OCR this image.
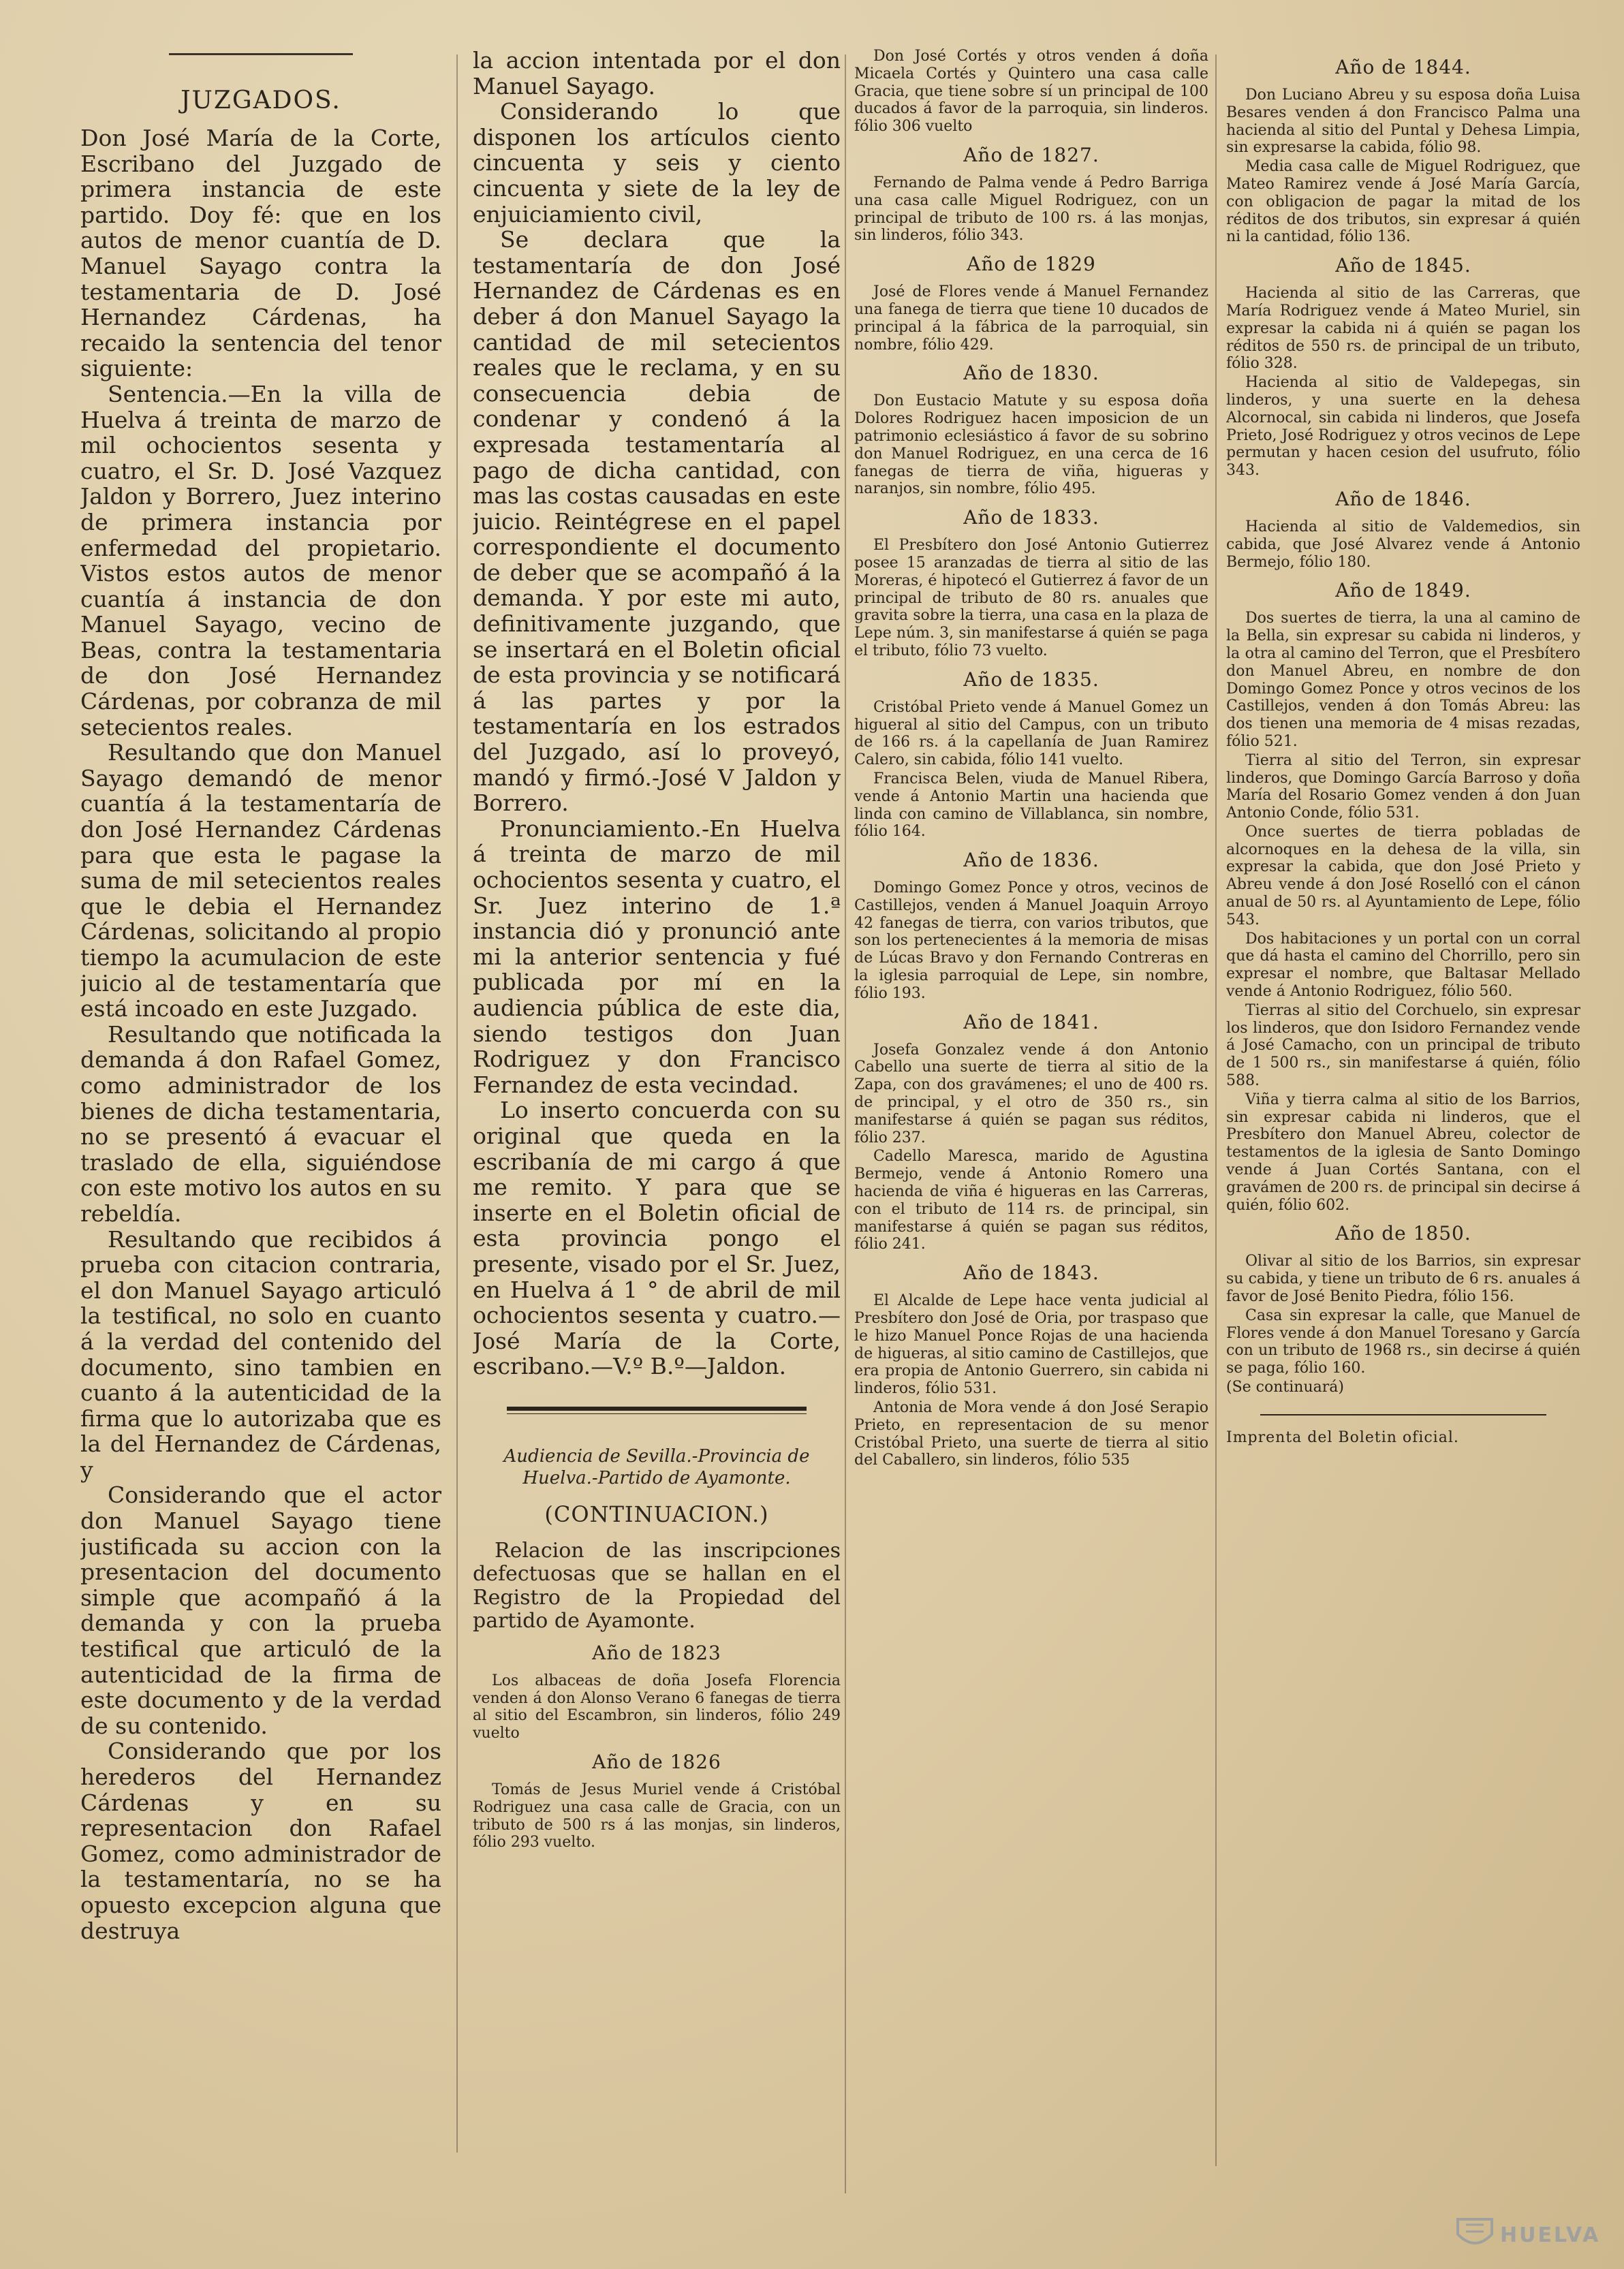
JUZGADOS.

Don José María de la Corte, Escribano del Juzgado de primera instancia de este partido. Doy fé: que en los autos de menor cuantía de D. Manuel Sayago contra la testamentaria de D. José Hernandez Cárdenas, ha recaido la sentencia del tenor siguiente:

Sentencia.—En la villa de Huelva á treinta de marzo de mil ochocientos sesenta y cuatro, el Sr. D. José Vazquez Jaldon y Borrero, Juez interino de primera instancia por enfermedad del propietario. Vistos estos autos de menor cuantía á instancia de don Manuel Sayago, vecino de Beas, contra la testamentaria de don José Hernandez Cárdenas, por cobranza de mil setecientos reales.

Resultando que don Manuel Sayago demandó de menor cuantía á la testamentaría de don José Hernandez Cárdenas para que esta le pagase la suma de mil setecientos reales que le debia el Hernandez Cárdenas, solicitando al propio tiempo la acumulacion de este juicio al de testamentaría que está incoado en este Juzgado.

Resultando que notificada la demanda á don Rafael Gomez, como administrador de los bienes de dicha testamentaria, no se presentó á evacuar el traslado de ella, siguiéndose con este motivo los autos en su rebeldía.

Resultando que recibidos á prueba con citacion contraria, el don Manuel Sayago articuló la testifical, no solo en cuanto á la verdad del contenido del documento, sino tambien en cuanto á la autenticidad de la firma que lo autorizaba que es la del Hernandez de Cárdenas, y

Considerando que el actor don Manuel Sayago tiene justificada su accion con la presentacion del documento simple que acompañó á la demanda y con la prueba testifical que articuló de la autenticidad de la firma de este documento y de la verdad de su contenido.

Considerando que por los herederos del Hernandez Cárdenas y en su representacion don Rafael Gomez, como administrador de la testamentaría, no se ha opuesto excepcion alguna que destruya

la accion intentada por el don Manuel Sayago.

Considerando lo que disponen los artículos ciento cincuenta y seis y ciento cincuenta y siete de la ley de enjuiciamiento civil,

Se declara que la testamentaría de don José Hernandez de Cárdenas es en deber á don Manuel Sayago la cantidad de mil setecientos reales que le reclama, y en su consecuencia debia de condenar y condenó á la expresada testamentaría al pago de dicha cantidad, con mas las costas causadas en este juicio. Reintégrese en el papel correspondiente el documento de deber que se acompañó á la demanda. Y por este mi auto, definitivamente juzgando, que se insertará en el Boletin oficial de esta provincia y se notificará á las partes y por la testamentaría en los estrados del Juzgado, así lo proveyó, mandó y firmó.-José V Jaldon y Borrero.

Pronunciamiento.-En Huelva á treinta de marzo de mil ochocientos sesenta y cuatro, el Sr. Juez interino de 1.ª instancia dió y pronunció ante mi la anterior sentencia y fué publicada por mí en la audiencia pública de este dia, siendo testigos don Juan Rodriguez y don Francisco Fernandez de esta vecindad.

Lo inserto concuerda con su original que queda en la escribanía de mi cargo á que me remito. Y para que se inserte en el Boletin oficial de esta provincia pongo el presente, visado por el Sr. Juez, en Huelva á 1 ° de abril de mil ochocientos sesenta y cuatro.—José María de la Corte, escribano.—V.º B.º—Jaldon.

Audiencia de Sevilla.-Provincia de Huelva.-Partido de Ayamonte.

(CONTINUACION.)

Relacion de las inscripciones defectuosas que se hallan en el Registro de la Propiedad del partido de Ayamonte.

Año de 1823

Los albaceas de doña Josefa Florencia venden á don Alonso Verano 6 fanegas de tierra al sitio del Escambron, sin linderos, fólio 249 vuelto

Año de 1826

Tomás de Jesus Muriel vende á Cristóbal Rodriguez una casa calle de Gracia, con un tributo de 500 rs á las monjas, sin linderos, fólio 293 vuelto.

Don José Cortés y otros venden á doña Micaela Cortés y Quintero una casa calle Gracia, que tiene sobre sí un principal de 100 ducados á favor de la parroquia, sin linderos. fólio 306 vuelto

Año de 1827.

Fernando de Palma vende á Pedro Barriga una casa calle Miguel Rodriguez, con un principal de tributo de 100 rs. á las monjas, sin linderos, fólio 343.

Año de 1829

José de Flores vende á Manuel Fernandez una fanega de tierra que tiene 10 ducados de principal á la fábrica de la parroquial, sin nombre, fólio 429.

Año de 1830.

Don Eustacio Matute y su esposa doña Dolores Rodriguez hacen imposicion de un patrimonio eclesiástico á favor de su sobrino don Manuel Rodriguez, en una cerca de 16 fanegas de tierra de viña, higueras y naranjos, sin nombre, fólio 495.

Año de 1833.

El Presbítero don José Antonio Gutierrez posee 15 aranzadas de tierra al sitio de las Moreras, é hipotecó el Gutierrez á favor de un principal de tributo de 80 rs. anuales que gravita sobre la tierra, una casa en la plaza de Lepe núm. 3, sin manifestarse á quién se paga el tributo, fólio 73 vuelto.

Año de 1835.

Cristóbal Prieto vende á Manuel Gomez un higueral al sitio del Campus, con un tributo de 166 rs. á la capellanía de Juan Ramirez Calero, sin cabida, fólio 141 vuelto.

Francisca Belen, viuda de Manuel Ribera, vende á Antonio Martin una hacienda que linda con camino de Villablanca, sin nombre, fólio 164.

Año de 1836.

Domingo Gomez Ponce y otros, vecinos de Castillejos, venden á Manuel Joaquin Arroyo 42 fanegas de tierra, con varios tributos, que son los pertenecientes á la memoria de misas de Lúcas Bravo y don Fernando Contreras en la iglesia parroquial de Lepe, sin nombre, fólio 193.

Año de 1841.

Josefa Gonzalez vende á don Antonio Cabello una suerte de tierra al sitio de la Zapa, con dos gravámenes; el uno de 400 rs. de principal, y el otro de 350 rs., sin manifestarse á quién se pagan sus réditos, fólio 237.

Cadello Maresca, marido de Agustina Bermejo, vende á Antonio Romero una hacienda de viña é higueras en las Carreras, con el tributo de 114 rs. de principal, sin manifestarse á quién se pagan sus réditos, fólio 241.

Año de 1843.

El Alcalde de Lepe hace venta judicial al Presbítero don José de Oria, por traspaso que le hizo Manuel Ponce Rojas de una hacienda de higueras, al sitio camino de Castillejos, que era propia de Antonio Guerrero, sin cabida ni linderos, fólio 531.

Antonia de Mora vende á don José Serapio Prieto, en representacion de su menor Cristóbal Prieto, una suerte de tierra al sitio del Caballero, sin linderos, fólio 535

Año de 1844.

Don Luciano Abreu y su esposa doña Luisa Besares venden á don Francisco Palma una hacienda al sitio del Puntal y Dehesa Limpia, sin expresarse la cabida, fólio 98.

Media casa calle de Miguel Rodriguez, que Mateo Ramirez vende á José María García, con obligacion de pagar la mitad de los réditos de dos tributos, sin expresar á quién ni la cantidad, fólio 136.

Año de 1845.

Hacienda al sitio de las Carreras, que María Rodriguez vende á Mateo Muriel, sin expresar la cabida ni á quién se pagan los réditos de 550 rs. de principal de un tributo, fólio 328.

Hacienda al sitio de Valdepegas, sin linderos, y una suerte en la dehesa Alcornocal, sin cabida ni linderos, que Josefa Prieto, José Rodriguez y otros vecinos de Lepe permutan y hacen cesion del usufruto, fólio 343.

Año de 1846.

Hacienda al sitio de Valdemedios, sin cabida, que José Alvarez vende á Antonio Bermejo, fólio 180.

Año de 1849.

Dos suertes de tierra, la una al camino de la Bella, sin expresar su cabida ni linderos, y la otra al camino del Terron, que el Presbítero don Manuel Abreu, en nombre de don Domingo Gomez Ponce y otros vecinos de los Castillejos, venden á don Tomás Abreu: las dos tienen una memoria de 4 misas rezadas, fólio 521.

Tierra al sitio del Terron, sin expresar linderos, que Domingo García Barroso y doña María del Rosario Gomez venden á don Juan Antonio Conde, fólio 531.

Once suertes de tierra pobladas de alcornoques en la dehesa de la villa, sin expresar la cabida, que don José Prieto y Abreu vende á don José Roselló con el cánon anual de 50 rs. al Ayuntamiento de Lepe, fólio 543.

Dos habitaciones y un portal con un corral que dá hasta el camino del Chorrillo, pero sin expresar el nombre, que Baltasar Mellado vende á Antonio Rodriguez, fólio 560.

Tierras al sitio del Corchuelo, sin expresar los linderos, que don Isidoro Fernandez vende á José Camacho, con un principal de tributo de 1 500 rs., sin manifestarse á quién, fólio 588.

Viña y tierra calma al sitio de los Barrios, sin expresar cabida ni linderos, que el Presbítero don Manuel Abreu, colector de testamentos de la iglesia de Santo Domingo vende á Juan Cortés Santana, con el gravámen de 200 rs. de principal sin decirse á quién, fólio 602.

Año de 1850.

Olivar al sitio de los Barrios, sin expresar su cabida, y tiene un tributo de 6 rs. anuales á favor de José Benito Piedra, fólio 156.

Casa sin expresar la calle, que Manuel de Flores vende á don Manuel Toresano y García con un tributo de 1968 rs., sin decirse á quién se paga, fólio 160.

(Se continuará)

Imprenta del Boletin oficial.

HUELVA
